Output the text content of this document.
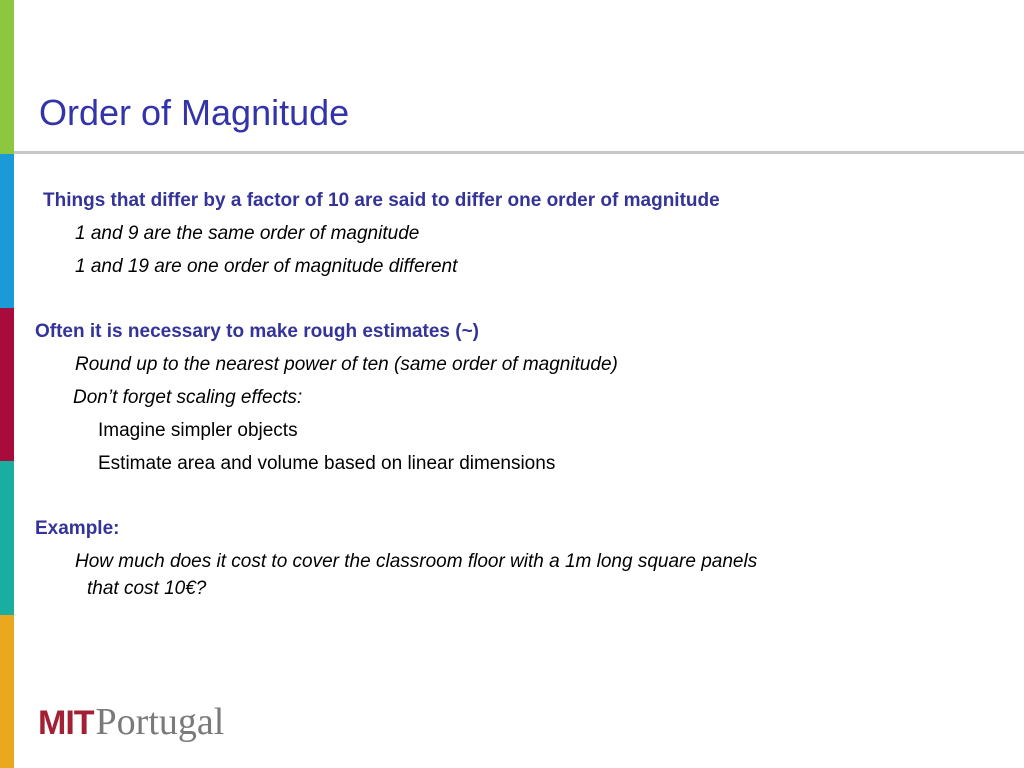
Order of Magnitude
Things that differ by a factor of 10 are said to differ one order of magnitude
1 and 9 are the same order of magnitude
1 and 19 are one order of magnitude different
Often it is necessary to make rough estimates (~)
Round up to the nearest power of ten (same order of magnitude)
Don’t forget scaling effects:
Imagine simpler objects
Estimate area and volume based on linear dimensions
Example:
How much does it cost to cover the classroom floor with a 1m long square panels
that cost 10€?
MITPortugal
